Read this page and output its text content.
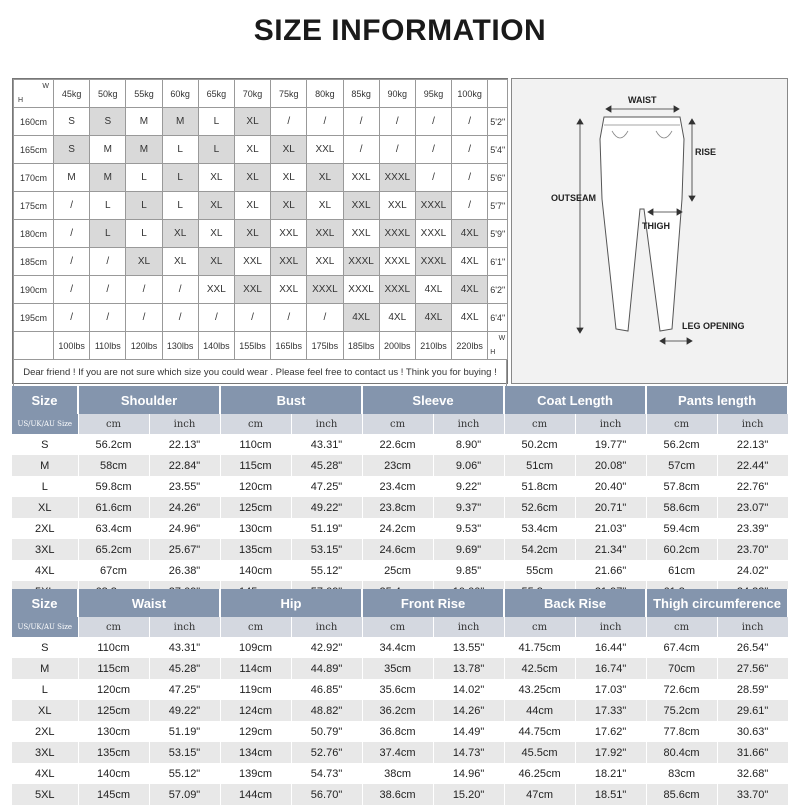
SIZE INFORMATION
H
W	45kg	50kg	55kg	60kg	65kg	70kg	75kg	80kg	85kg	90kg	95kg	100kg	
160cm	S	S	M	M	L	XL	/	/	/	/	/	/	5'2"
165cm	S	M	M	L	L	XL	XL	XXL	/	/	/	/	5'4"
170cm	M	M	L	L	XL	XL	XL	XL	XXL	XXXL	/	/	5'6"
175cm	/	L	L	L	XL	XL	XL	XL	XXL	XXL	XXXL	/	5'7"
180cm	/	L	L	XL	XL	XL	XXL	XXL	XXL	XXXL	XXXL	4XL	5'9"
185cm	/	/	XL	XL	XL	XXL	XXL	XXL	XXXL	XXXL	XXXL	4XL	6'1"
190cm	/	/	/	/	XXL	XXL	XXL	XXXL	XXXL	XXXL	4XL	4XL	6'2"
195cm	/	/	/	/	/	/	/	/	4XL	4XL	4XL	4XL	6'4"
	100lbs	110lbs	120lbs	130lbs	140lbs	155lbs	165lbs	175lbs	185lbs	200lbs	210lbs	220lbs	H
W
Dear friend ! If you are not sure which size you could wear . Please feel free to contact us ! Think you for buying !
WAIST
RISE
OUTSEAM
THIGH
LEG OPENING
Size	Shoulder		Bust		Sleeve		Coat Length		Pants length	
US/UK/AU Size	cm	inch	cm	inch	cm	inch	cm	inch	cm	inch
S	56.2cm	22.13"	110cm	43.31"	22.6cm	8.90"	50.2cm	19.77"	56.2cm	22.13"
M	58cm	22.84"	115cm	45.28"	23cm	9.06"	51cm	20.08"	57cm	22.44"
L	59.8cm	23.55"	120cm	47.25"	23.4cm	9.22"	51.8cm	20.40"	57.8cm	22.76"
XL	61.6cm	24.26"	125cm	49.22"	23.8cm	9.37"	52.6cm	20.71"	58.6cm	23.07"
2XL	63.4cm	24.96"	130cm	51.19"	24.2cm	9.53"	53.4cm	21.03"	59.4cm	23.39"
3XL	65.2cm	25.67"	135cm	53.15"	24.6cm	9.69"	54.2cm	21.34"	60.2cm	23.70"
4XL	67cm	26.38"	140cm	55.12"	25cm	9.85"	55cm	21.66"	61cm	24.02"

Size	Waist		Hip		Front Rise		Back Rise		Thigh circumference	
US/UK/AU Size	cm	inch	cm	inch	cm	inch	cm	inch	cm	inch
S	110cm	43.31"	109cm	42.92"	34.4cm	13.55"	41.75cm	16.44"	67.4cm	26.54"
M	115cm	45.28"	114cm	44.89"	35cm	13.78"	42.5cm	16.74"	70cm	27.56"
L	120cm	47.25"	119cm	46.85"	35.6cm	14.02"	43.25cm	17.03"	72.6cm	28.59"
XL	125cm	49.22"	124cm	48.82"	36.2cm	14.26"	44cm	17.33"	75.2cm	29.61"
2XL	130cm	51.19"	129cm	50.79"	36.8cm	14.49"	44.75cm	17.62"	77.8cm	30.63"
3XL	135cm	53.15"	134cm	52.76"	37.4cm	14.73"	45.5cm	17.92"	80.4cm	31.66"
4XL	140cm	55.12"	139cm	54.73"	38cm	14.96"	46.25cm	18.21"	83cm	32.68"
5XL	145cm	57.09"	144cm	56.70"	38.6cm	15.20"	47cm	18.51"	85.6cm	33.70"
